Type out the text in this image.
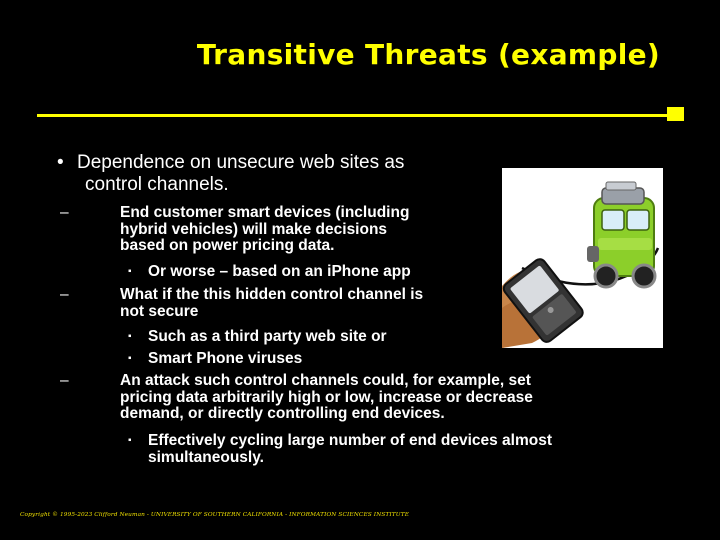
Transitive Threats (example)
• Dependence on unsecure web sites as
control channels.
–	End customer smart devices (including
hybrid vehicles) will make decisions
based on power pricing data.
▪	Or worse – based on an iPhone app
–	What if the this hidden control channel is
not secure
▪	Such as a third party web site or
▪	Smart Phone viruses
–	An attack such control channels could, for example, set
pricing data arbitrarily high or low, increase or decrease
demand, or directly controlling end devices.
▪	Effectively cycling large number of end devices almost
simultaneously.
Copyright © 1995-2023 Clifford Neuman - UNIVERSITY OF SOUTHERN CALIFORNIA - INFORMATION SCIENCES INSTITUTE
